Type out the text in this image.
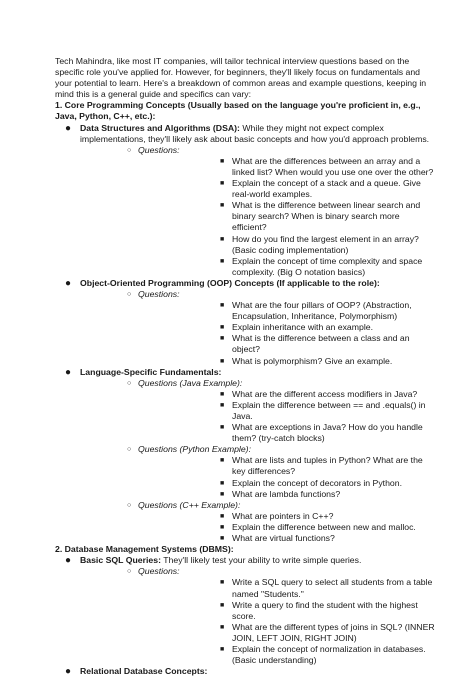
Tech Mahindra, like most IT companies, will tailor technical interview questions based on the specific role you've applied for. However, for beginners, they'll likely focus on fundamentals and your potential to learn. Here's a breakdown of common areas and example questions, keeping in mind this is a general guide and specifics can vary:

1. Core Programming Concepts (Usually based on the language you're proficient in, e.g., Java, Python, C++, etc.):

● Data Structures and Algorithms (DSA): While they might not expect complex implementations, they'll likely ask about basic concepts and how you'd approach problems.
○ Questions:
■ What are the differences between an array and a linked list? When would you use one over the other?
■ Explain the concept of a stack and a queue. Give real-world examples.
■ What is the difference between linear search and binary search? When is binary search more efficient?
■ How do you find the largest element in an array? (Basic coding implementation)
■ Explain the concept of time complexity and space complexity. (Big O notation basics)
● Object-Oriented Programming (OOP) Concepts (If applicable to the role):
○ Questions:
■ What are the four pillars of OOP? (Abstraction, Encapsulation, Inheritance, Polymorphism)
■ Explain inheritance with an example.
■ What is the difference between a class and an object?
■ What is polymorphism? Give an example.
● Language-Specific Fundamentals:
○ Questions (Java Example):
■ What are the different access modifiers in Java?
■ Explain the difference between == and .equals() in Java.
■ What are exceptions in Java? How do you handle them? (try-catch blocks)
○ Questions (Python Example):
■ What are lists and tuples in Python? What are the key differences?
■ Explain the concept of decorators in Python.
■ What are lambda functions?
○ Questions (C++ Example):
■ What are pointers in C++?
■ Explain the difference between new and malloc.
■ What are virtual functions?

2. Database Management Systems (DBMS):

● Basic SQL Queries: They'll likely test your ability to write simple queries.
○ Questions:
■ Write a SQL query to select all students from a table named "Students."
■ Write a query to find the student with the highest score.
■ What are the different types of joins in SQL? (INNER JOIN, LEFT JOIN, RIGHT JOIN)
■ Explain the concept of normalization in databases. (Basic understanding)
● Relational Database Concepts:
